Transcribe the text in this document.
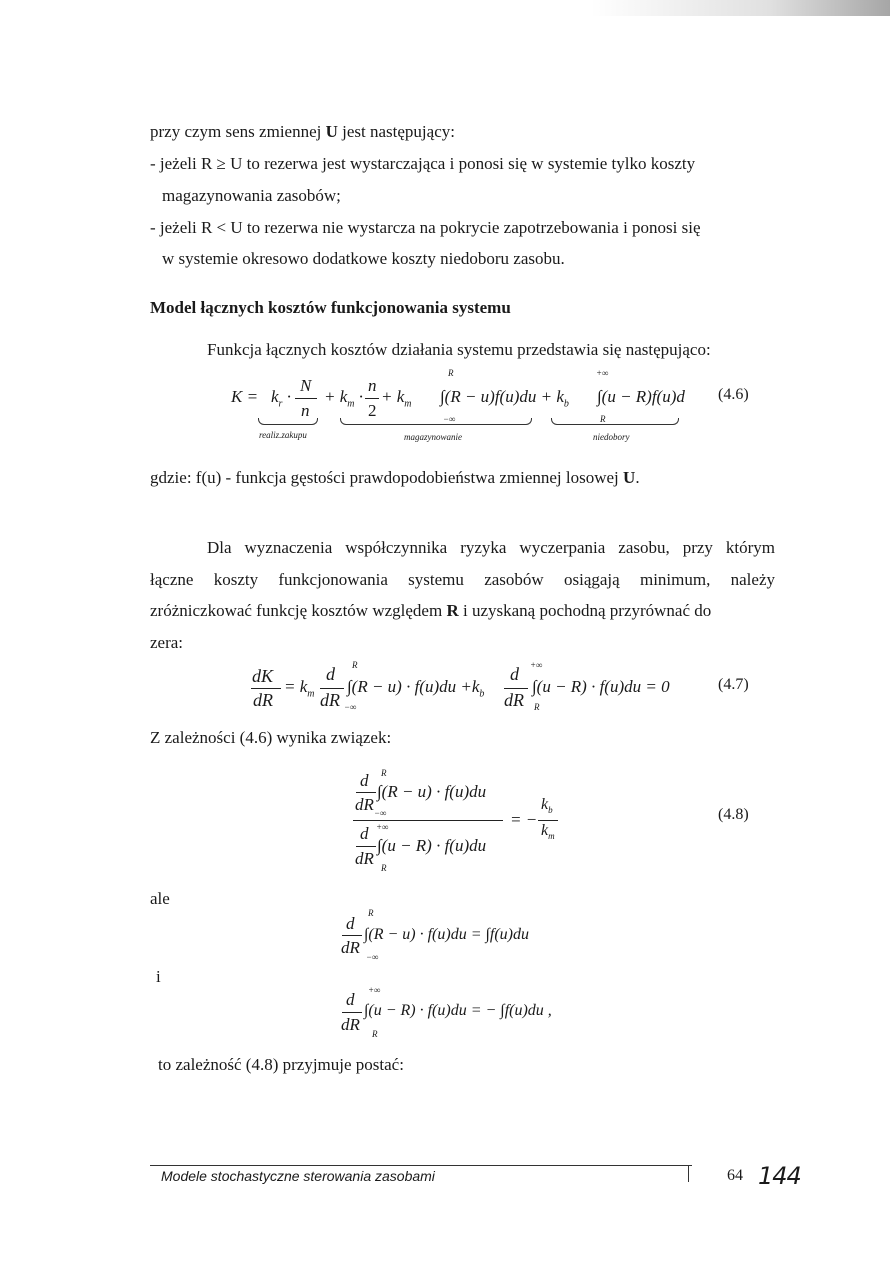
przy czym sens zmiennej U jest następujący:
- jeżeli R ≥ U to rezerwa jest wystarczająca i ponosi się w systemie tylko koszty
magazynowania zasobów;
- jeżeli R < U to rezerwa nie wystarcza na pokrycie zapotrzebowania i ponosi się
w systemie okresowo dodatkowe koszty niedoboru zasobu.
Model łącznych kosztów funkcjonowania systemu
Funkcja łącznych kosztów działania systemu przedstawia się następująco:
$K = k_r$ ·
N
n
+ $k_m$ ·
n
2
+ $k_m$
R
$\int(R - u)f(u)du + k_b$
−∞
+∞
∫(u − R)f(u)d
R
realiz.zakupu	magazynowanie	niedobory
(4.6)
gdzie: f(u) - funkcja gęstości prawdopodobieństwa zmiennej losowej U.
Dla wyznaczenia współczynnika ryzyka wyczerpania zasobu, przy którym
łączne koszty funkcjonowania systemu zasobów osiągają minimum, należy
zróżniczkować funkcję kosztów względem R i uzyskaną pochodną przyrównać do
zera:
dK
dR
= $k_m$
d
dR
R
$\int(R - u) \cdot f(u)du +k_b$
−∞
d
dR
+∞
∫(u − R) · f(u)du = 0
R
(4.7)
Z zależności (4.6) wynika związek:
d
dR
R
∫(R − u) · f(u)du
−∞
+∞
d
dR
∫(u − R) · f(u)du
R
= −
$k_b$
$k_m$
(4.8)
ale
d
dR
R
∫(R − u) · f(u)du = ∫f(u)du
−∞
i
d
dR
+∞
∫(u − R) · f(u)du = − ∫f(u)du ,
R
to zależność (4.8) przyjmuje postać:
Modele stochastyczne sterowania zasobami	64 144
